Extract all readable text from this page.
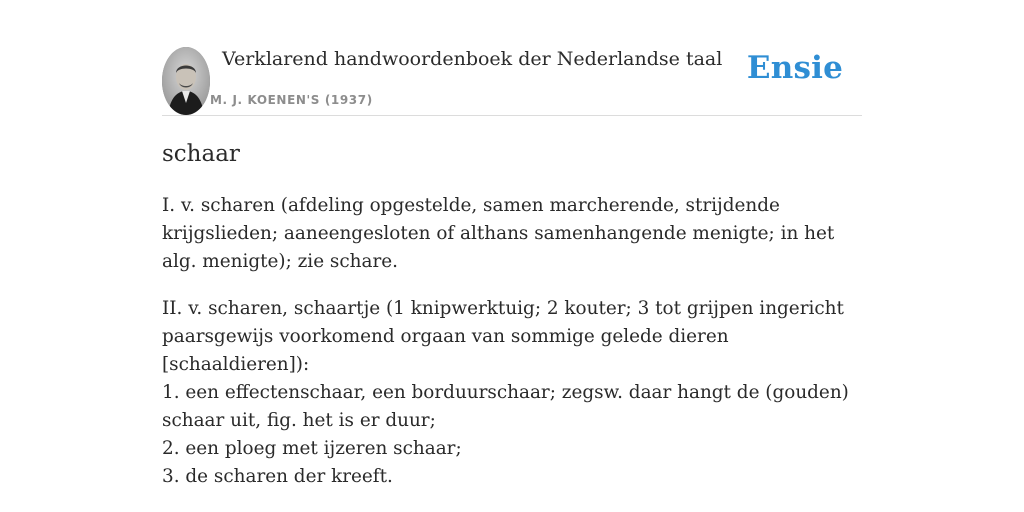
Verklarend handwoordenboek der Nederlandse taal
M. J. KOENEN'S (1937)
Ensie
schaar

I. v. scharen (afdeling opgestelde, samen marcherende, strijdende krijgslieden; aaneengesloten of althans samenhangende menigte; in het alg. menigte); zie schare.

II. v. scharen, schaartje (1 knipwerktuig; 2 kouter; 3 tot grijpen ingericht paarsgewijs voorkomend orgaan van sommige gelede dieren [schaaldieren]):

1. een effectenschaar, een borduurschaar; zegsw. daar hangt de (gouden) schaar uit, fig. het is er duur;
2. een ploeg met ijzeren schaar;
3. de scharen der kreeft.
